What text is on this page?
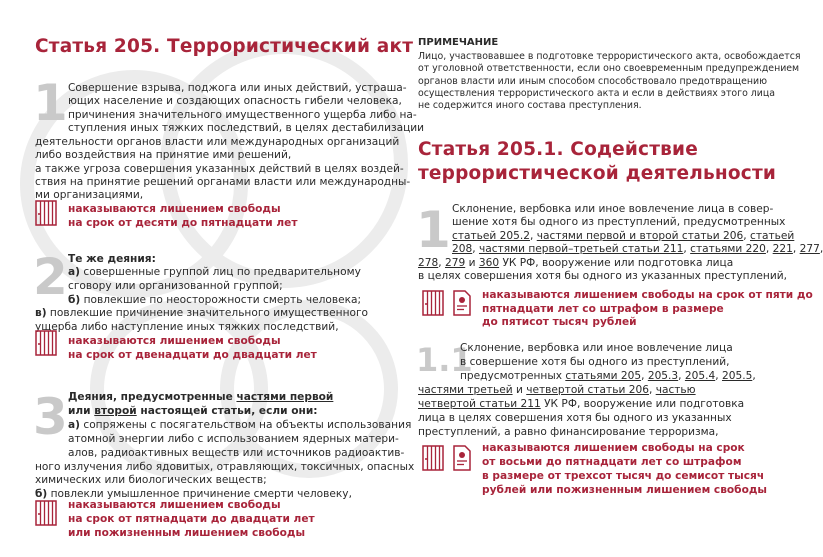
Статья 205. Террористический акт
1 Совершение взрыва, поджога или иных действий, устраша-
ющих население и создающих опасность гибели человека,
причинения значительного имущественного ущерба либо на-
ступления иных тяжких последствий, в целях дестабилизации
деятельности органов власти или международных организаций
либо воздействия на принятие ими решений,
а также угроза совершения указанных действий в целях воздей-
ствия на принятие решений органами власти или международны-
ми организациями,
наказываются лишением свободы
на срок от десяти до пятнадцати лет
2 Те же деяния:
а) совершенные группой лиц по предварительному
сговору или организованной группой;
б) повлекшие по неосторожности смерть человека;
в) повлекшие причинение значительного имущественного
ущерба либо наступление иных тяжких последствий,
наказываются лишением свободы
на срок от двенадцати до двадцати лет
3 Деяния, предусмотренные частями первой
или второй настоящей статьи, если они:
а) сопряжены с посягательством на объекты использования
атомной энергии либо с использованием ядерных матери-
алов, радиоактивных веществ или источников радиоактив-
ного излучения либо ядовитых, отравляющих, токсичных, опасных
химических или биологических веществ;
б) повлекли умышленное причинение смерти человеку,
наказываются лишением свободы
на срок от пятнадцати до двадцати лет
или пожизненным лишением свободы
ПРИМЕЧАНИЕ
Лицо, участвовавшее в подготовке террористического акта, освобождается
от уголовной ответственности, если оно своевременным предупреждением
органов власти или иным способом способствовало предотвращению
осуществления террористического акта и если в действиях этого лица
не содержится иного состава преступления.
Статья 205.1. Содействие
террористической деятельности
1 Склонение, вербовка или иное вовлечение лица в совер-
шение хотя бы одного из преступлений, предусмотренных
статьей 205.2, частями первой и второй статьи 206, статьей
208, частями первой–третьей статьи 211, статьями 220, 221, 277,
278, 279 и 360 УК РФ, вооружение или подготовка лица
в целях совершения хотя бы одного из указанных преступлений,
наказываются лишением свободы на срок от пяти до
пятнадцати лет со штрафом в размере
до пятисот тысяч рублей
1.1
Склонение, вербовка или иное вовлечение лица
в совершение хотя бы одного из преступлений,
предусмотренных статьями 205, 205.3, 205.4, 205.5,
частями третьей и четвертой статьи 206, частью
четвертой статьи 211 УК РФ, вооружение или подготовка
лица в целях совершения хотя бы одного из указанных
преступлений, а равно финансирование терроризма,
наказываются лишением свободы на срок
от восьми до пятнадцати лет со штрафом
в размере от трехсот тысяч до семисот тысяч
рублей или пожизненным лишением свободы
